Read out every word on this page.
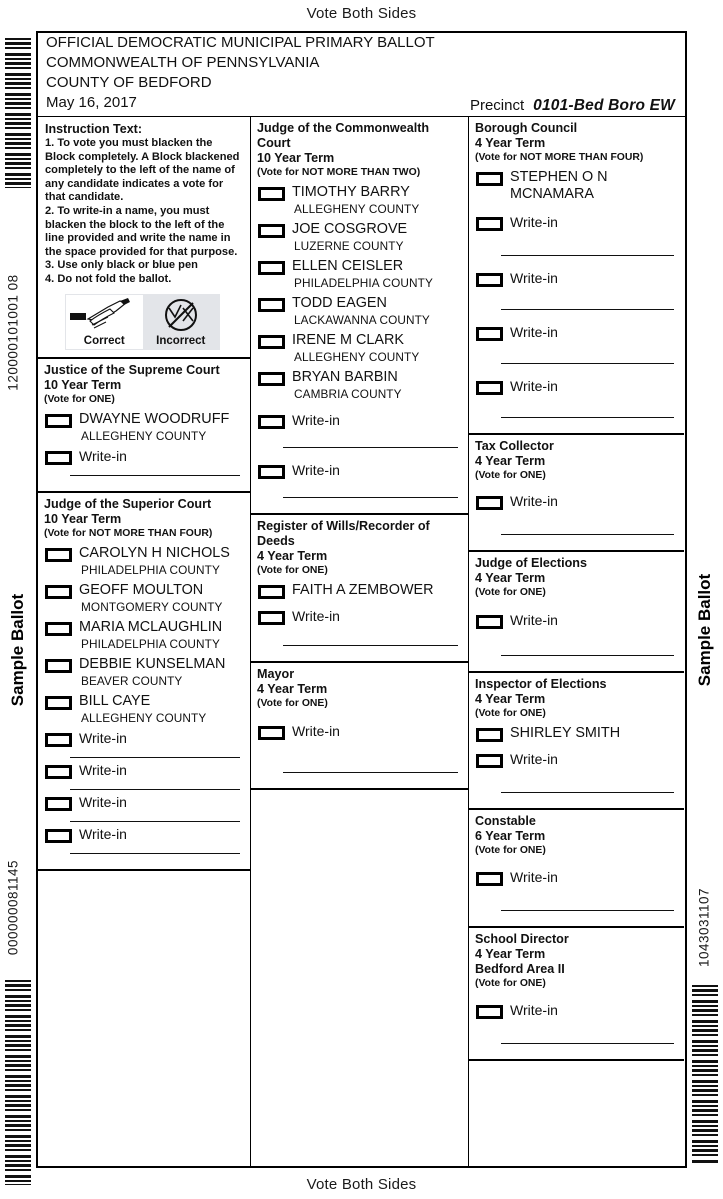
Vote Both Sides
Vote Both Sides
120000101001 08
Sample Ballot
000000081145
Sample Ballot
1043031107
OFFICIAL DEMOCRATIC MUNICIPAL PRIMARY BALLOT
COMMONWEALTH OF PENNSYLVANIA
COUNTY OF BEDFORD
May 16, 2017	Precinct 0101-Bed Boro EW
Instruction Text:

1. To vote you must blacken the Block completely. A Block blackened completely to the left of the name of any candidate indicates a vote for that candidate.

2. To write-in a name, you must blacken the block to the left of the line provided and write the name in the space provided for that purpose.

3. Use only black or blue pen

4. Do not fold the ballot.

Correct	Incorrect
Justice of the Supreme Court
10 Year Term
(Vote for ONE)
DWAYNE WOODRUFF
ALLEGHENY COUNTY
Write-in
Judge of the Superior Court
10 Year Term
(Vote for NOT MORE THAN FOUR)
CAROLYN H NICHOLS
PHILADELPHIA COUNTY
GEOFF MOULTON
MONTGOMERY COUNTY
MARIA MCLAUGHLIN
PHILADELPHIA COUNTY
DEBBIE KUNSELMAN
BEAVER COUNTY
BILL CAYE
ALLEGHENY COUNTY
Write-in
Write-in
Write-in
Write-in
Judge of the Commonwealth Court
10 Year Term
(Vote for NOT MORE THAN TWO)
TIMOTHY BARRY
ALLEGHENY COUNTY
JOE COSGROVE
LUZERNE COUNTY
ELLEN CEISLER
PHILADELPHIA COUNTY
TODD EAGEN
LACKAWANNA COUNTY
IRENE M CLARK
ALLEGHENY COUNTY
BRYAN BARBIN
CAMBRIA COUNTY
Write-in
Write-in
Register of Wills/Recorder of Deeds
4 Year Term
(Vote for ONE)
FAITH A ZEMBOWER
Write-in
Mayor
4 Year Term
(Vote for ONE)
Write-in
Borough Council
4 Year Term
(Vote for NOT MORE THAN FOUR)
STEPHEN O N MCNAMARA
Write-in
Write-in
Write-in
Write-in
Tax Collector
4 Year Term
(Vote for ONE)
Write-in
Judge of Elections
4 Year Term
(Vote for ONE)
Write-in
Inspector of Elections
4 Year Term
(Vote for ONE)
SHIRLEY SMITH
Write-in
Constable
6 Year Term
(Vote for ONE)
Write-in
School Director
4 Year Term
Bedford Area II
(Vote for ONE)
Write-in
